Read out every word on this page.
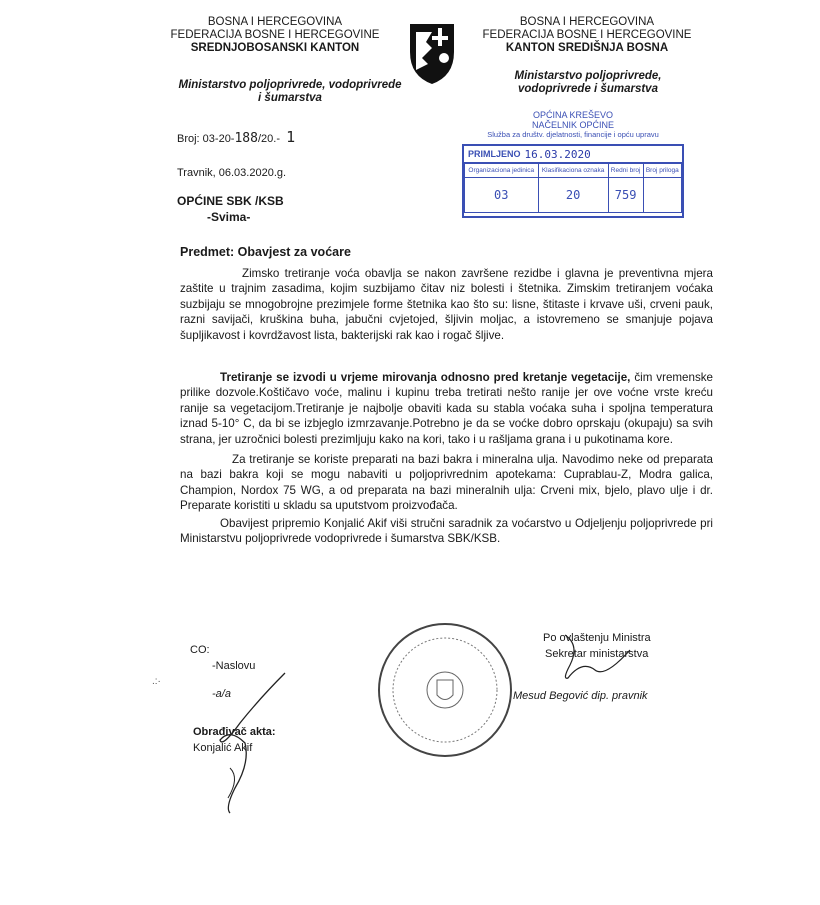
BOSNA I HERCEGOVINA
FEDERACIJA BOSNE I HERCEGOVINE
SREDNJOBOSANSKI KANTON
Ministarstvo poljoprivrede, vodoprivrede
i šumarstva
BOSNA I HERCEGOVINA
FEDERACIJA BOSNE I HERCEGOVINE
KANTON SREDIŠNJA BOSNA
Ministarstvo poljoprivrede,
vodoprivrede i šumarstva
Broj: 03-20-188/20.- 1
Travnik, 06.03.2020.g.
OPĆINA KREŠEVO
NAČELNIK OPĆINE
Služba za društv. djelatnosti, financije i opću upravu
PRIMLJENO 16.03.2020
Organizaciona jedinica	Klasifikaciona oznaka	Redni broj	Broj priloga
03	20	759	
OPĆINE SBK /KSB
-Svima-
Predmet: Obavjest za voćare
Zimsko tretiranje voća obavlja se nakon završene rezidbe i glavna je preventivna mjera zaštite u trajnim zasadima, kojim suzbijamo čitav niz bolesti i štetnika. Zimskim tretiranjem voćaka suzbijaju se mnogobrojne prezimjele forme štetnika kao što su: lisne, štitaste i krvave uši, crveni pauk, razni savijači, kruškina buha, jabučni cvjetojed, šljivin moljac, a istovremeno se smanjuje pojava šupljikavost i kovrdžavost lista, bakterijski rak kao i rogač šljive.
Tretiranje se izvodi u vrjeme mirovanja odnosno pred kretanje vegetacije, čim vremenske prilike dozvole.Koštičavo voće, malinu i kupinu treba tretirati nešto ranije jer ove voćne vrste kreću ranije sa vegetacijom.Tretiranje je najbolje obaviti kada su stabla voćaka suha i spoljna temperatura iznad 5-10° C, da bi se izbjeglo izmrzavanje.Potrebno je da se voćke dobro oprskaju (okupaju) sa svih strana, jer uzročnici bolesti prezimljuju kako na kori, tako i u rašljama grana i u pukotinama kore.
Za tretiranje se koriste preparati na bazi bakra i mineralna ulja. Navodimo neke od preparata na bazi bakra koji se mogu nabaviti u poljoprivrednim apotekama: Cuprablau-Z, Modra galica, Champion, Nordox 75 WG, a od preparata na bazi mineralnih ulja: Crveni mix, bjelo, plavo ulje i dr. Preparate koristiti u skladu sa uputstvom proizvođača.
Obavijest pripremio Konjalić Akif viši stručni saradnik za voćarstvo u Odjeljenju poljoprivrede pri Ministarstvu poljoprivrede vodoprivrede i šumarstva SBK/KSB.
CO:
-Naslovu
-a/a
Obrađivač akta:
Konjalić Akif
.:·
Po ovlaštenju Ministra
Sekretar ministarstva
Mesud Begović dip. pravnik
